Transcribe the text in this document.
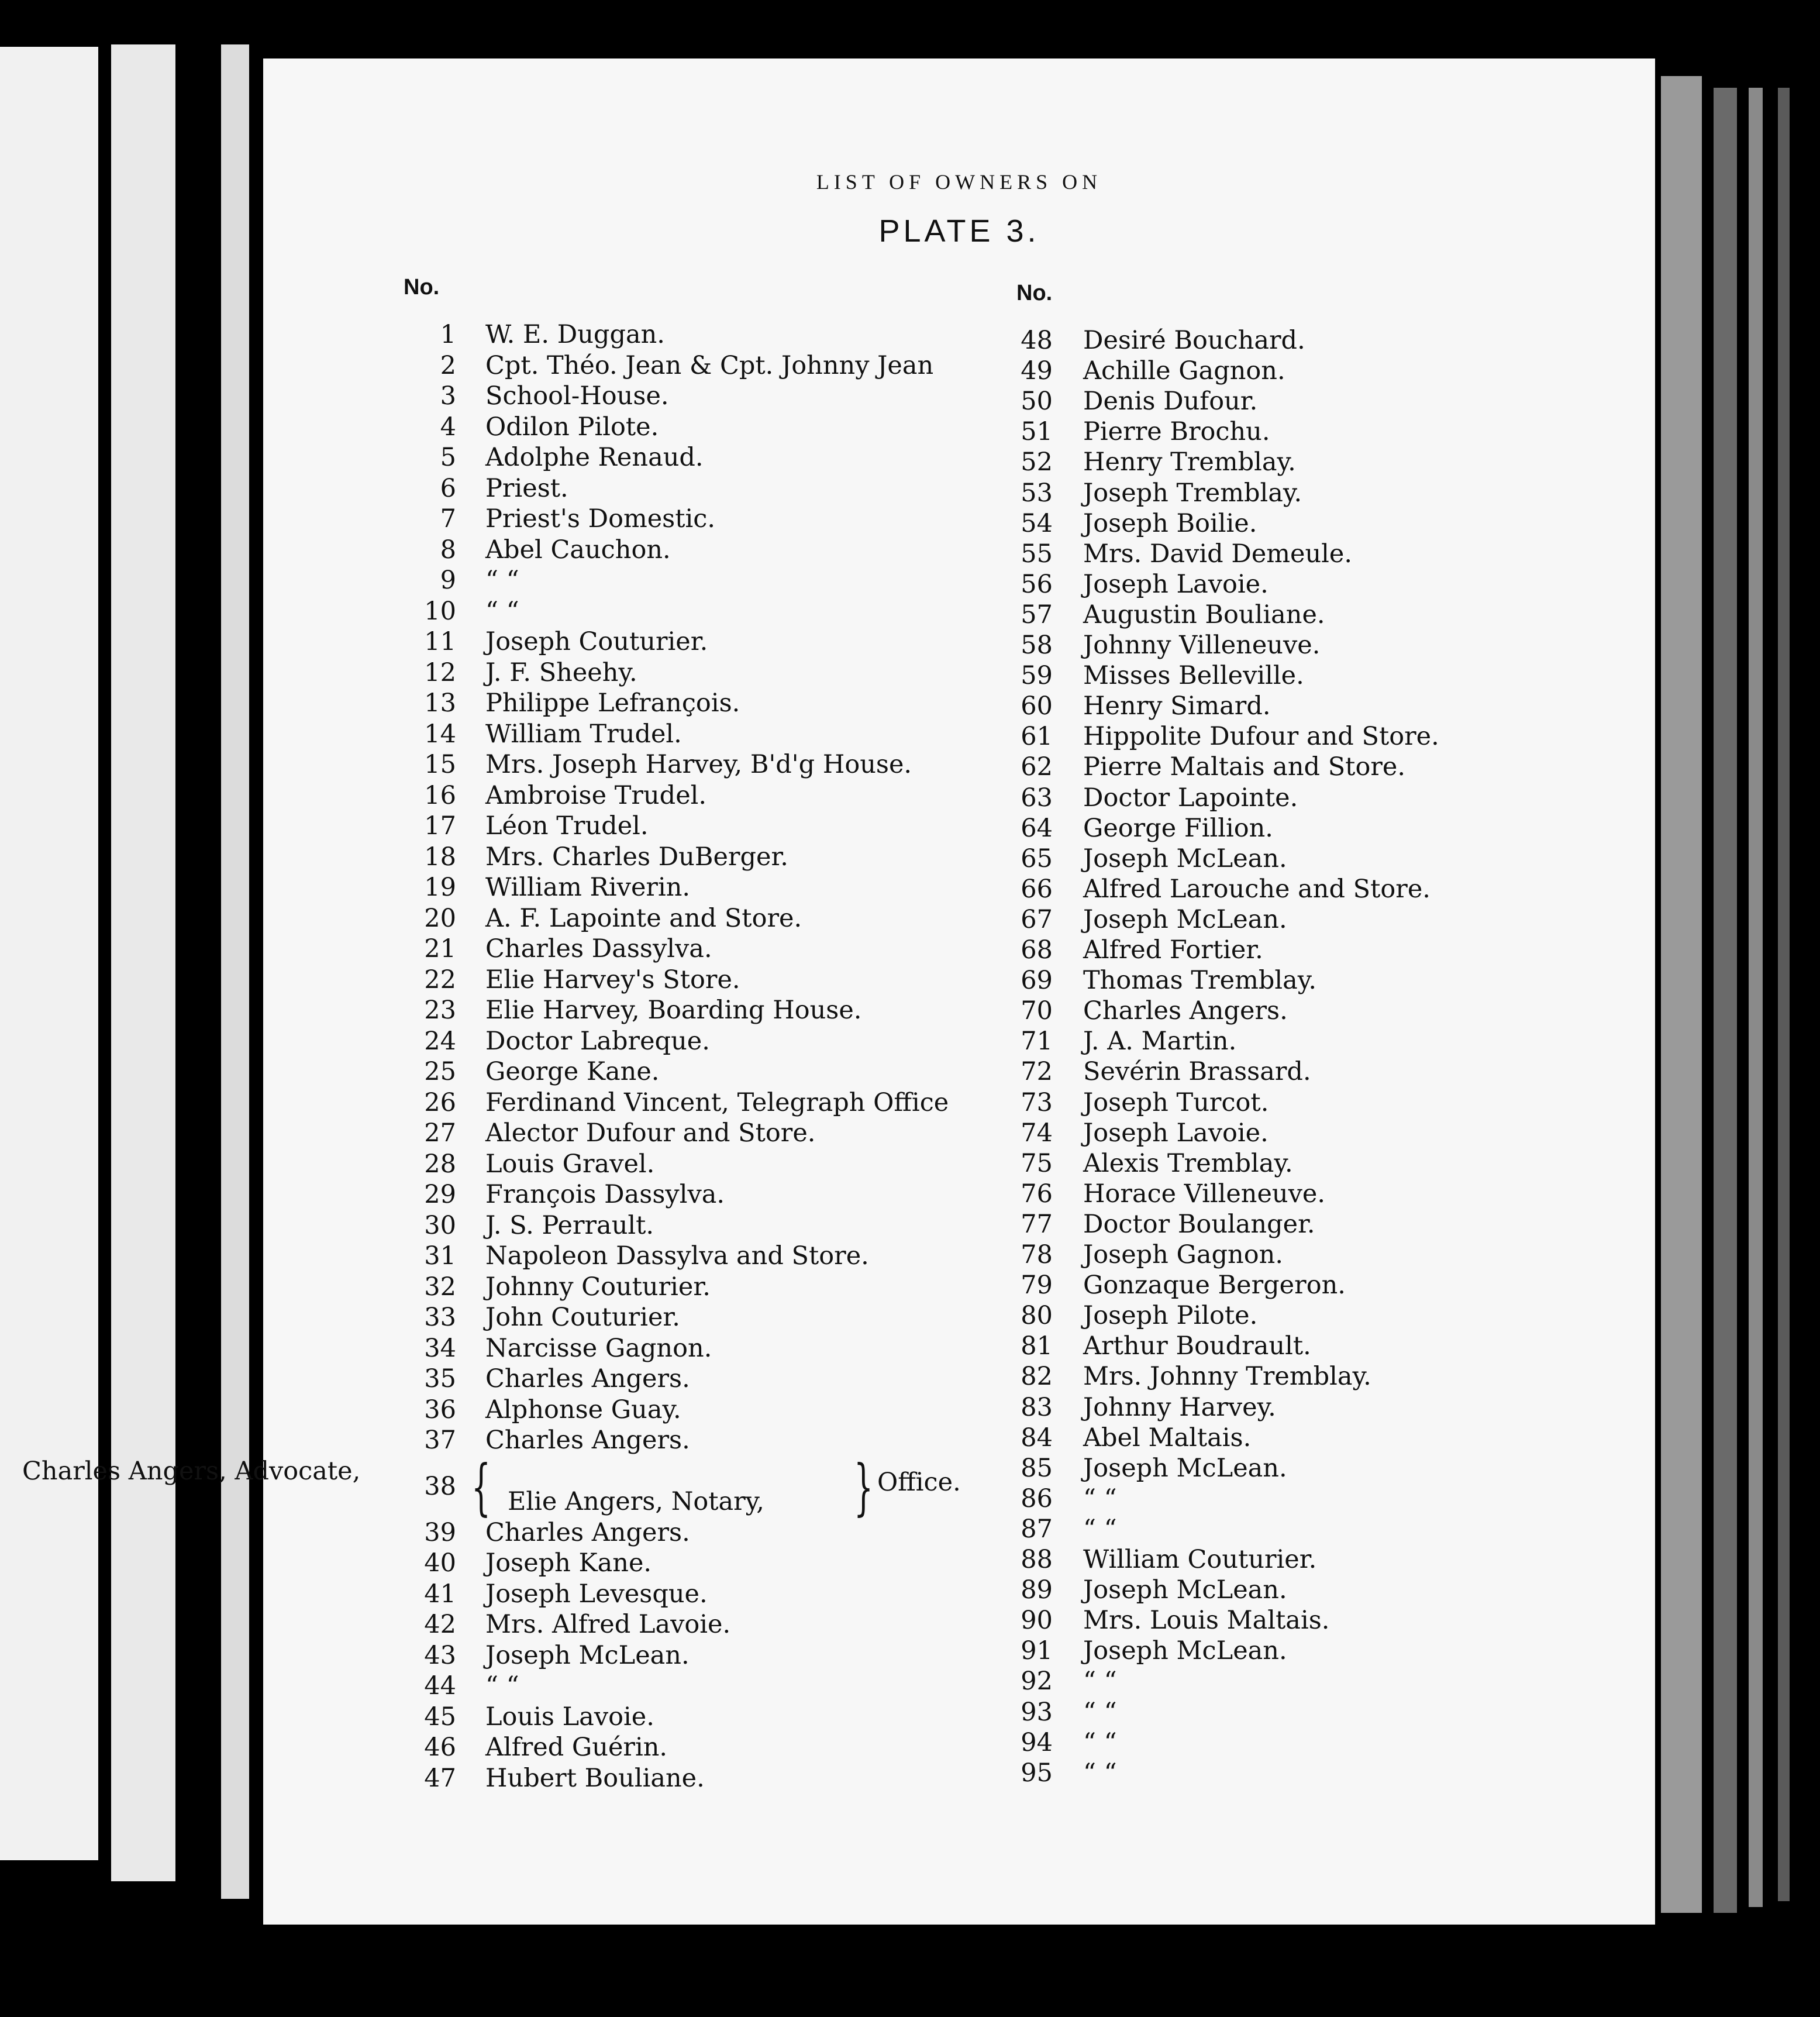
LIST OF OWNERS ON
PLATE 3.
No.	No.
1 W. E. Duggan.
2 Cpt. Théo. Jean & Cpt. Johnny Jean
3 School-House.
4 Odilon Pilote.
5 Adolphe Renaud.
6 Priest.
7 Priest's Domestic.
8 Abel Cauchon.
9 “ “
10 “ “
11 Joseph Couturier.
12 J. F. Sheehy.
13 Philippe Lefrançois.
14 William Trudel.
15 Mrs. Joseph Harvey, B'd'g House.
16 Ambroise Trudel.
17 Léon Trudel.
18 Mrs. Charles DuBerger.
19 William Riverin.
20 A. F. Lapointe and Store.
21 Charles Dassylva.
22 Elie Harvey's Store.
23 Elie Harvey, Boarding House.
24 Doctor Labreque.
25 George Kane.
26 Ferdinand Vincent, Telegraph Office
27 Alector Dufour and Store.
28 Louis Gravel.
29 François Dassylva.
30 J. S. Perrault.
31 Napoleon Dassylva and Store.
32 Johnny Couturier.
33 John Couturier.
34 Narcisse Gagnon.
35 Charles Angers.
36 Alphonse Guay.
37 Charles Angers.
38
Charles Angers, Advocate,
Elie Angers, Notary,
Office.
39 Charles Angers.
40 Joseph Kane.
41 Joseph Levesque.
42 Mrs. Alfred Lavoie.
43 Joseph McLean.
44 “ “
45 Louis Lavoie.
46 Alfred Guérin.
47 Hubert Bouliane.
48 Desiré Bouchard.
49 Achille Gagnon.
50 Denis Dufour.
51 Pierre Brochu.
52 Henry Tremblay.
53 Joseph Tremblay.
54 Joseph Boilie.
55 Mrs. David Demeule.
56 Joseph Lavoie.
57 Augustin Bouliane.
58 Johnny Villeneuve.
59 Misses Belleville.
60 Henry Simard.
61 Hippolite Dufour and Store.
62 Pierre Maltais and Store.
63 Doctor Lapointe.
64 George Fillion.
65 Joseph McLean.
66 Alfred Larouche and Store.
67 Joseph McLean.
68 Alfred Fortier.
69 Thomas Tremblay.
70 Charles Angers.
71 J. A. Martin.
72 Sevérin Brassard.
73 Joseph Turcot.
74 Joseph Lavoie.
75 Alexis Tremblay.
76 Horace Villeneuve.
77 Doctor Boulanger.
78 Joseph Gagnon.
79 Gonzaque Bergeron.
80 Joseph Pilote.
81 Arthur Boudrault.
82 Mrs. Johnny Tremblay.
83 Johnny Harvey.
84 Abel Maltais.
85 Joseph McLean.
86 “ “
87 “ “
88 William Couturier.
89 Joseph McLean.
90 Mrs. Louis Maltais.
91 Joseph McLean.
92 “ “
93 “ “
94 “ “
95 “ “
{	}
